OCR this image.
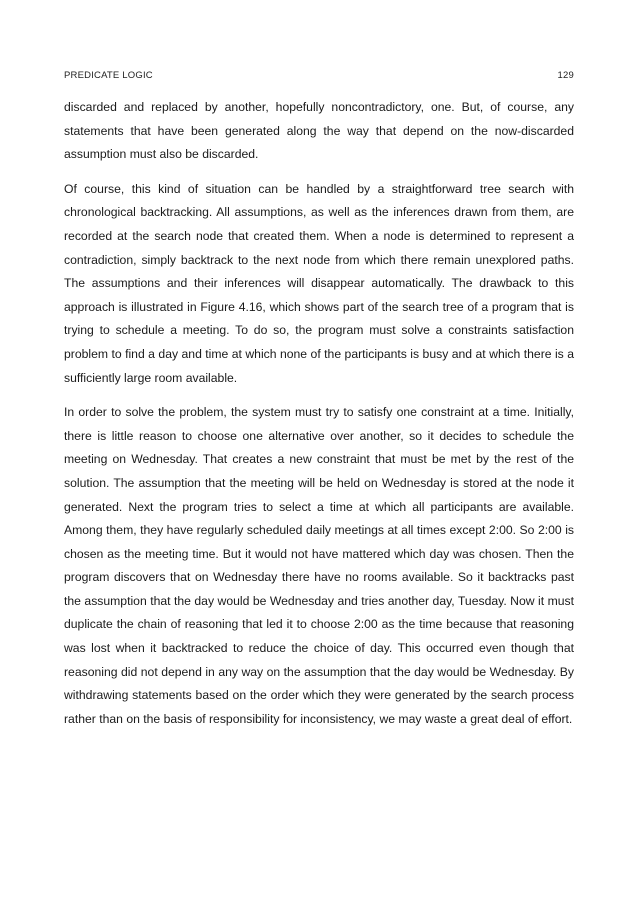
PREDICATE LOGIC	129

discarded and replaced by another, hopefully noncontradictory, one. But, of course, any statements that have been generated along the way that depend on the now-discarded assumption must also be discarded.

Of course, this kind of situation can be handled by a straightforward tree search with chronological backtracking. All assumptions, as well as the inferences drawn from them, are recorded at the search node that created them. When a node is determined to represent a contradiction, simply backtrack to the next node from which there remain unexplored paths. The assumptions and their inferences will disappear automatically. The drawback to this approach is illustrated in Figure 4.16, which shows part of the search tree of a program that is trying to schedule a meeting. To do so, the program must solve a constraints satisfaction problem to find a day and time at which none of the participants is busy and at which there is a sufficiently large room available.

In order to solve the problem, the system must try to satisfy one constraint at a time. Initially, there is little reason to choose one alternative over another, so it decides to schedule the meeting on Wednesday. That creates a new constraint that must be met by the rest of the solution. The assumption that the meeting will be held on Wednesday is stored at the node it generated. Next the program tries to select a time at which all participants are available. Among them, they have regularly scheduled daily meetings at all times except 2:00. So 2:00 is chosen as the meeting time. But it would not have mattered which day was chosen. Then the program discovers that on Wednesday there have no rooms available. So it backtracks past the assumption that the day would be Wednesday and tries another day, Tuesday. Now it must duplicate the chain of reasoning that led it to choose 2:00 as the time because that reasoning was lost when it backtracked to reduce the choice of day. This occurred even though that reasoning did not depend in any way on the assumption that the day would be Wednesday. By withdrawing statements based on the order which they were generated by the search process rather than on the basis of responsibility for inconsistency, we may waste a great deal of effort.
